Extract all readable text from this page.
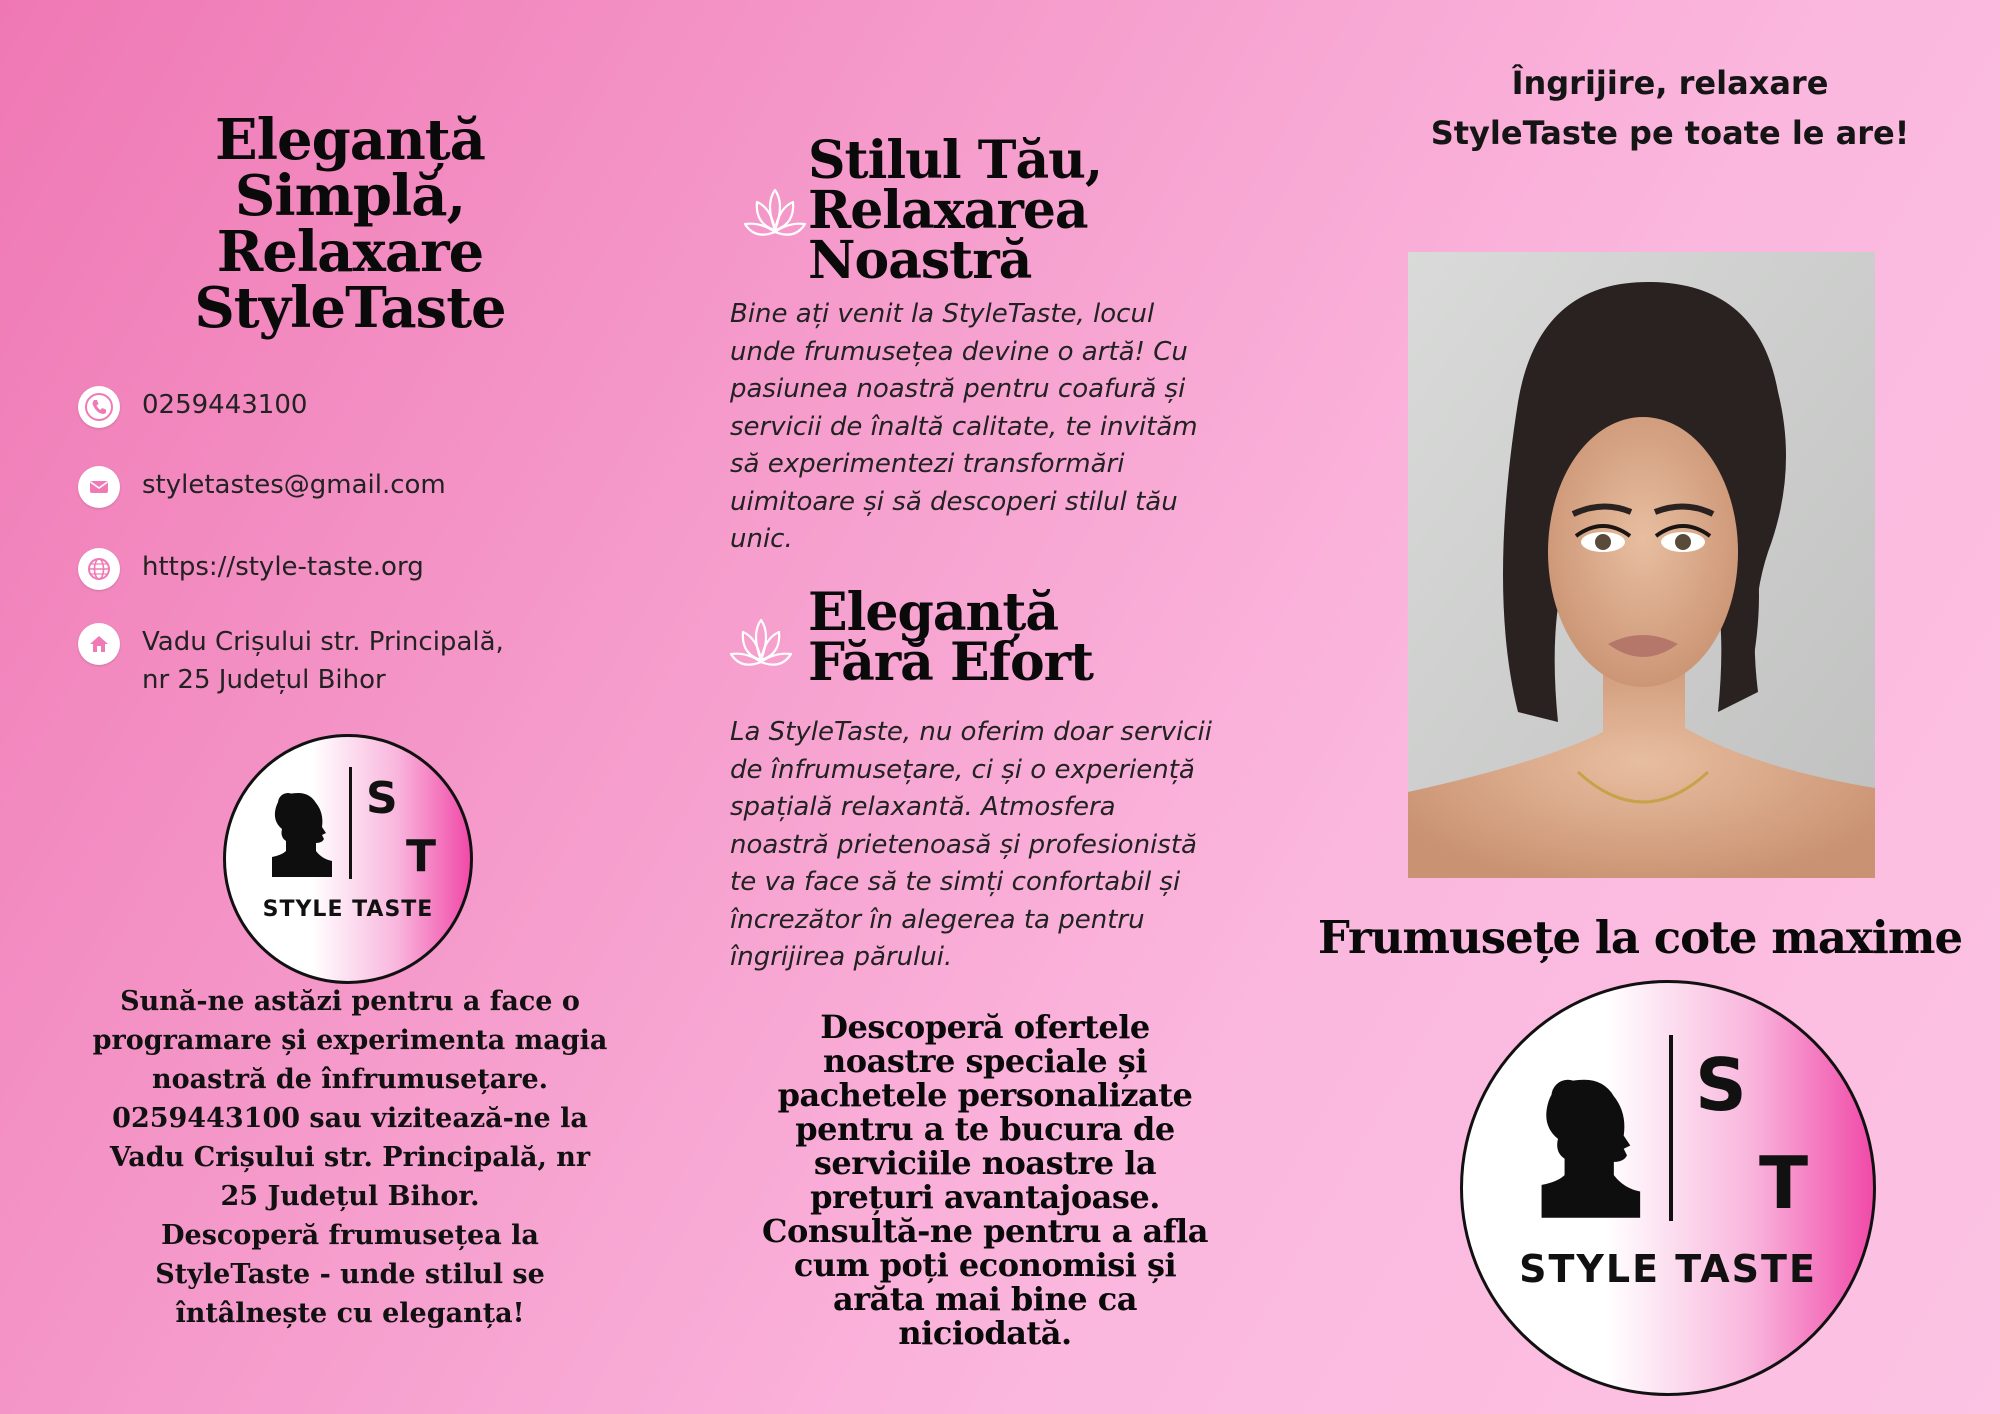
Eleganță
Simplă,
Relaxare
StyleTaste
0259443100
styletastes@gmail.com
https://style-taste.org
Vadu Crișului str. Principală,
nr 25 Județul Bihor
S
T
STYLE TASTE
Sună-ne astăzi pentru a face o
programare și experimenta magia
noastră de înfrumusețare.
0259443100 sau vizitează-ne la
Vadu Crișului str. Principală, nr
25 Județul Bihor.
Descoperă frumusețea la
StyleTaste - unde stilul se
întâlnește cu eleganța!
Stilul Tău,
Relaxarea
Noastră
Bine ați venit la StyleTaste, locul
unde frumusețea devine o artă! Cu
pasiunea noastră pentru coafură și
servicii de înaltă calitate, te invităm
să experimentezi transformări
uimitoare și să descoperi stilul tău
unic.
Eleganță
Fără Efort
La StyleTaste, nu oferim doar servicii
de înfrumusețare, ci și o experiență
spațială relaxantă. Atmosfera
noastră prietenoasă și profesionistă
te va face să te simți confortabil și
încrezător în alegerea ta pentru
îngrijirea părului.
Descoperă ofertele
noastre speciale și
pachetele personalizate
pentru a te bucura de
serviciile noastre la
prețuri avantajoase.
Consultă-ne pentru a afla
cum poți economisi și
arăta mai bine ca
niciodată.
Îngrijire, relaxare
StyleTaste pe toate le are!
Frumusețe la cote maxime
S
T
STYLE TASTE
